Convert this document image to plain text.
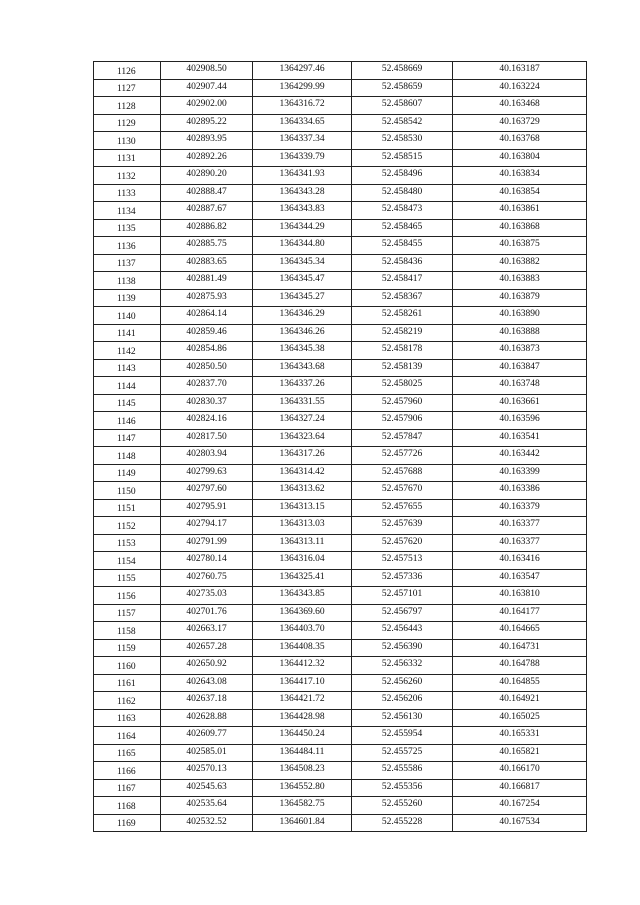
1126	402908.50	1364297.46	52.458669	40.163187
1127	402907.44	1364299.99	52.458659	40.163224
1128	402902.00	1364316.72	52.458607	40.163468
1129	402895.22	1364334.65	52.458542	40.163729
1130	402893.95	1364337.34	52.458530	40.163768
1131	402892.26	1364339.79	52.458515	40.163804
1132	402890.20	1364341.93	52.458496	40.163834
1133	402888.47	1364343.28	52.458480	40.163854
1134	402887.67	1364343.83	52.458473	40.163861
1135	402886.82	1364344.29	52.458465	40.163868
1136	402885.75	1364344.80	52.458455	40.163875
1137	402883.65	1364345.34	52.458436	40.163882
1138	402881.49	1364345.47	52.458417	40.163883
1139	402875.93	1364345.27	52.458367	40.163879
1140	402864.14	1364346.29	52.458261	40.163890
1141	402859.46	1364346.26	52.458219	40.163888
1142	402854.86	1364345.38	52.458178	40.163873
1143	402850.50	1364343.68	52.458139	40.163847
1144	402837.70	1364337.26	52.458025	40.163748
1145	402830.37	1364331.55	52.457960	40.163661
1146	402824.16	1364327.24	52.457906	40.163596
1147	402817.50	1364323.64	52.457847	40.163541
1148	402803.94	1364317.26	52.457726	40.163442
1149	402799.63	1364314.42	52.457688	40.163399
1150	402797.60	1364313.62	52.457670	40.163386
1151	402795.91	1364313.15	52.457655	40.163379
1152	402794.17	1364313.03	52.457639	40.163377
1153	402791.99	1364313.11	52.457620	40.163377
1154	402780.14	1364316.04	52.457513	40.163416
1155	402760.75	1364325.41	52.457336	40.163547
1156	402735.03	1364343.85	52.457101	40.163810
1157	402701.76	1364369.60	52.456797	40.164177
1158	402663.17	1364403.70	52.456443	40.164665
1159	402657.28	1364408.35	52.456390	40.164731
1160	402650.92	1364412.32	52.456332	40.164788
1161	402643.08	1364417.10	52.456260	40.164855
1162	402637.18	1364421.72	52.456206	40.164921
1163	402628.88	1364428.98	52.456130	40.165025
1164	402609.77	1364450.24	52.455954	40.165331
1165	402585.01	1364484.11	52.455725	40.165821
1166	402570.13	1364508.23	52.455586	40.166170
1167	402545.63	1364552.80	52.455356	40.166817
1168	402535.64	1364582.75	52.455260	40.167254
1169	402532.52	1364601.84	52.455228	40.167534
